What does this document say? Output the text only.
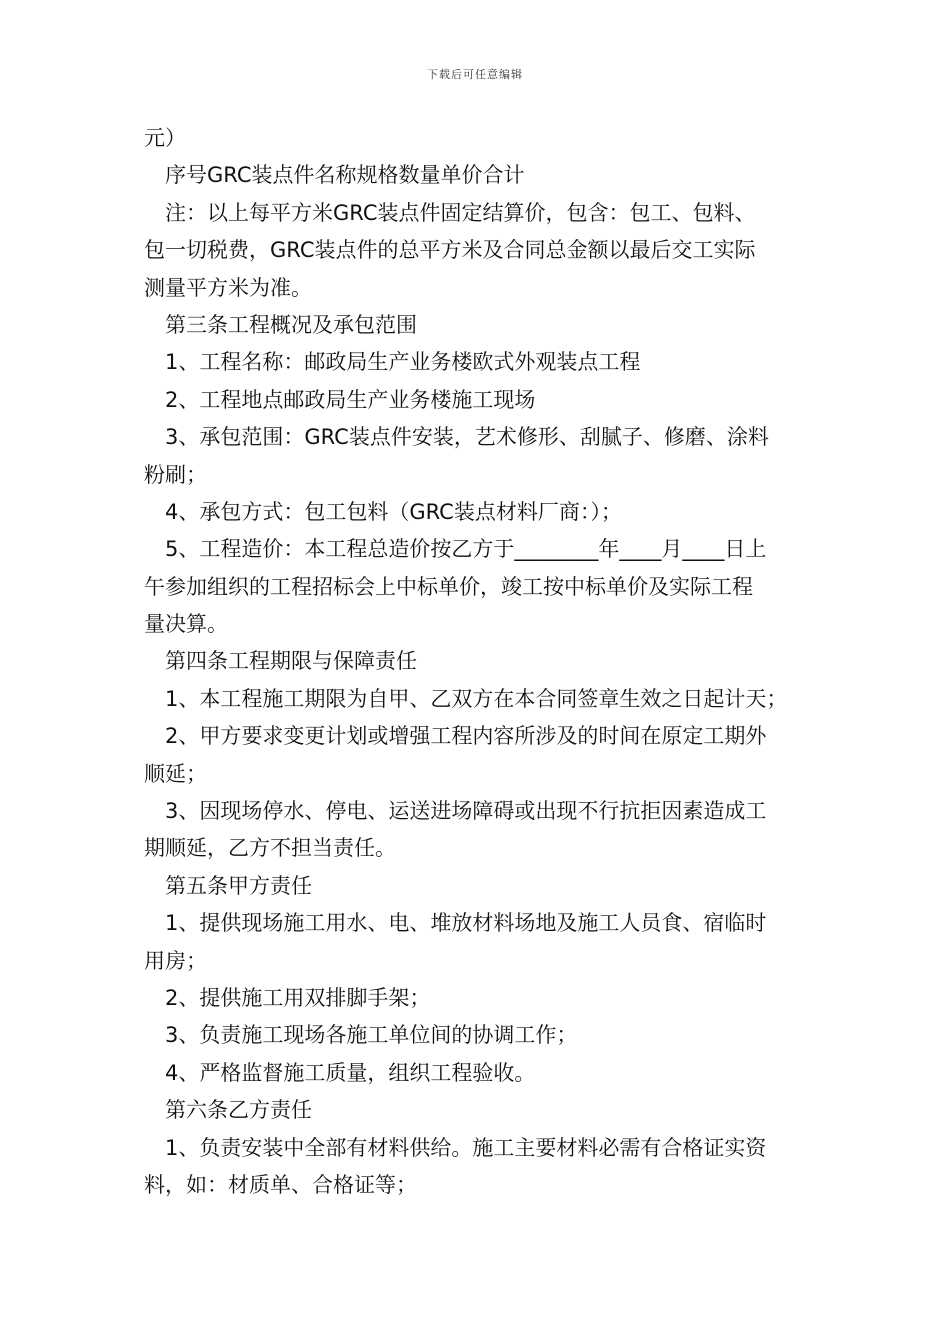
下载后可任意编辑
元）
序号GRC装点件名称规格数量单价合计
注：以上每平方米GRC装点件固定结算价，包含：包工、包料、
包一切税费，GRC装点件的总平方米及合同总金额以最后交工实际
测量平方米为准。
第三条工程概况及承包范围
1、工程名称：邮政局生产业务楼欧式外观装点工程
2、工程地点邮政局生产业务楼施工现场
3、承包范围：GRC装点件安装，艺术修形、刮腻子、修磨、涂料
粉刷；
4、承包方式：包工包料（GRC装点材料厂商：）；
5、工程造价：本工程总造价按乙方于________年____月____日上
午参加组织的工程招标会上中标单价，竣工按中标单价及实际工程
量决算。
第四条工程期限与保障责任
1、本工程施工期限为自甲、乙双方在本合同签章生效之日起计天；
2、甲方要求变更计划或增强工程内容所涉及的时间在原定工期外
顺延；
3、因现场停水、停电、运送进场障碍或出现不行抗拒因素造成工
期顺延，乙方不担当责任。
第五条甲方责任
1、提供现场施工用水、电、堆放材料场地及施工人员食、宿临时
用房；
2、提供施工用双排脚手架；
3、负责施工现场各施工单位间的协调工作；
4、严格监督施工质量，组织工程验收。
第六条乙方责任
1、负责安装中全部有材料供给。施工主要材料必需有合格证实资
料，如：材质单、合格证等；
